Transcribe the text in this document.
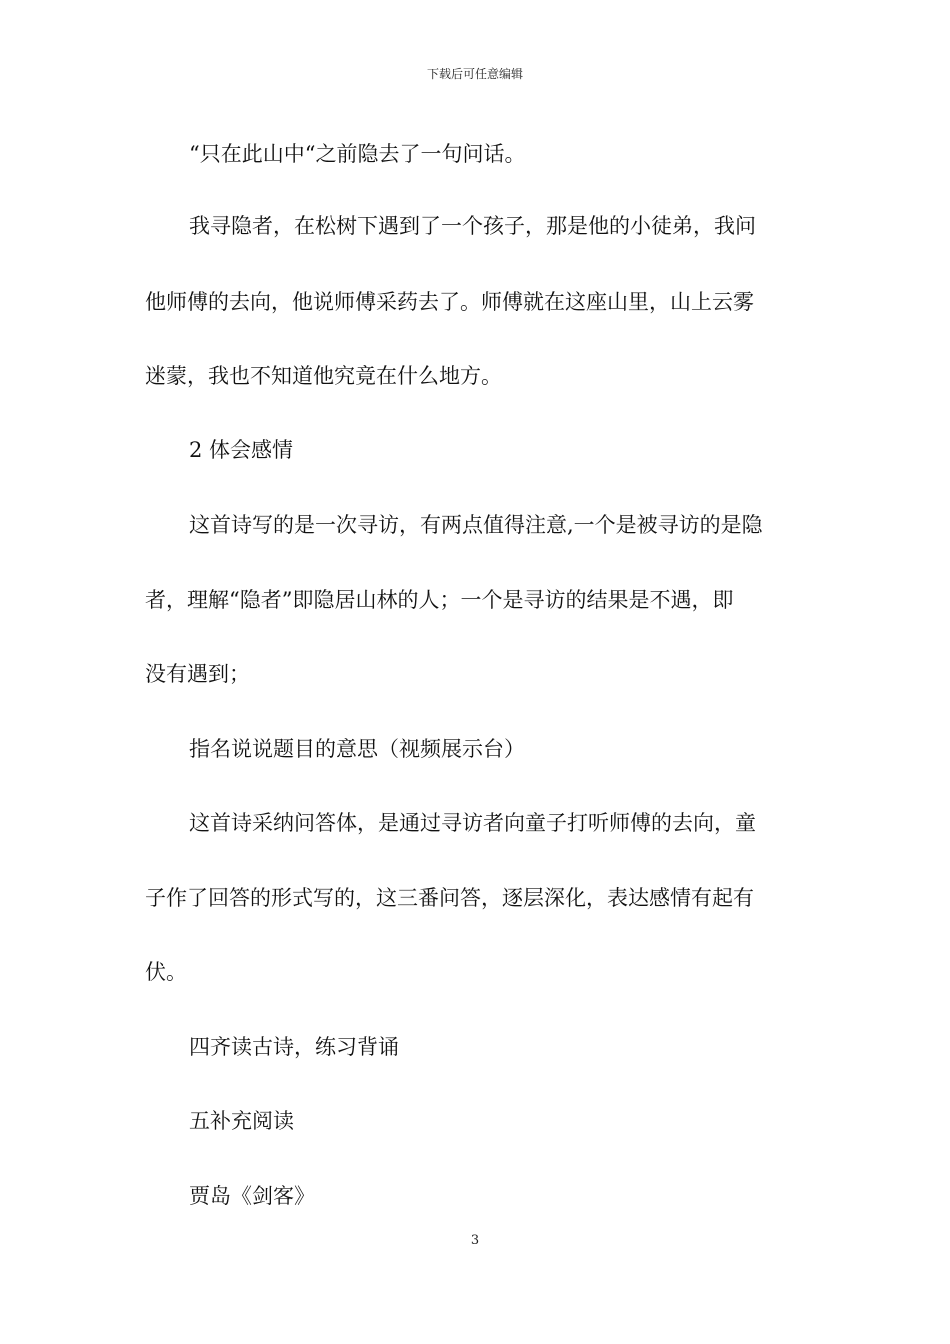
下载后可任意编辑
“只在此山中“之前隐去了一句问话。
我寻隐者，在松树下遇到了一个孩子，那是他的小徒弟，我问
他师傅的去向，他说师傅采药去了。师傅就在这座山里，山上云雾
迷蒙，我也不知道他究竟在什么地方。
2 体会感情
这首诗写的是一次寻访，有两点值得注意,一个是被寻访的是隐
者，理解“隐者”即隐居山林的人；一个是寻访的结果是不遇，即
没有遇到；
指名说说题目的意思（视频展示台）
这首诗采纳问答体，是通过寻访者向童子打听师傅的去向，童
子作了回答的形式写的，这三番问答，逐层深化，表达感情有起有
伏。
四齐读古诗，练习背诵
五补充阅读
贾岛《剑客》
3
